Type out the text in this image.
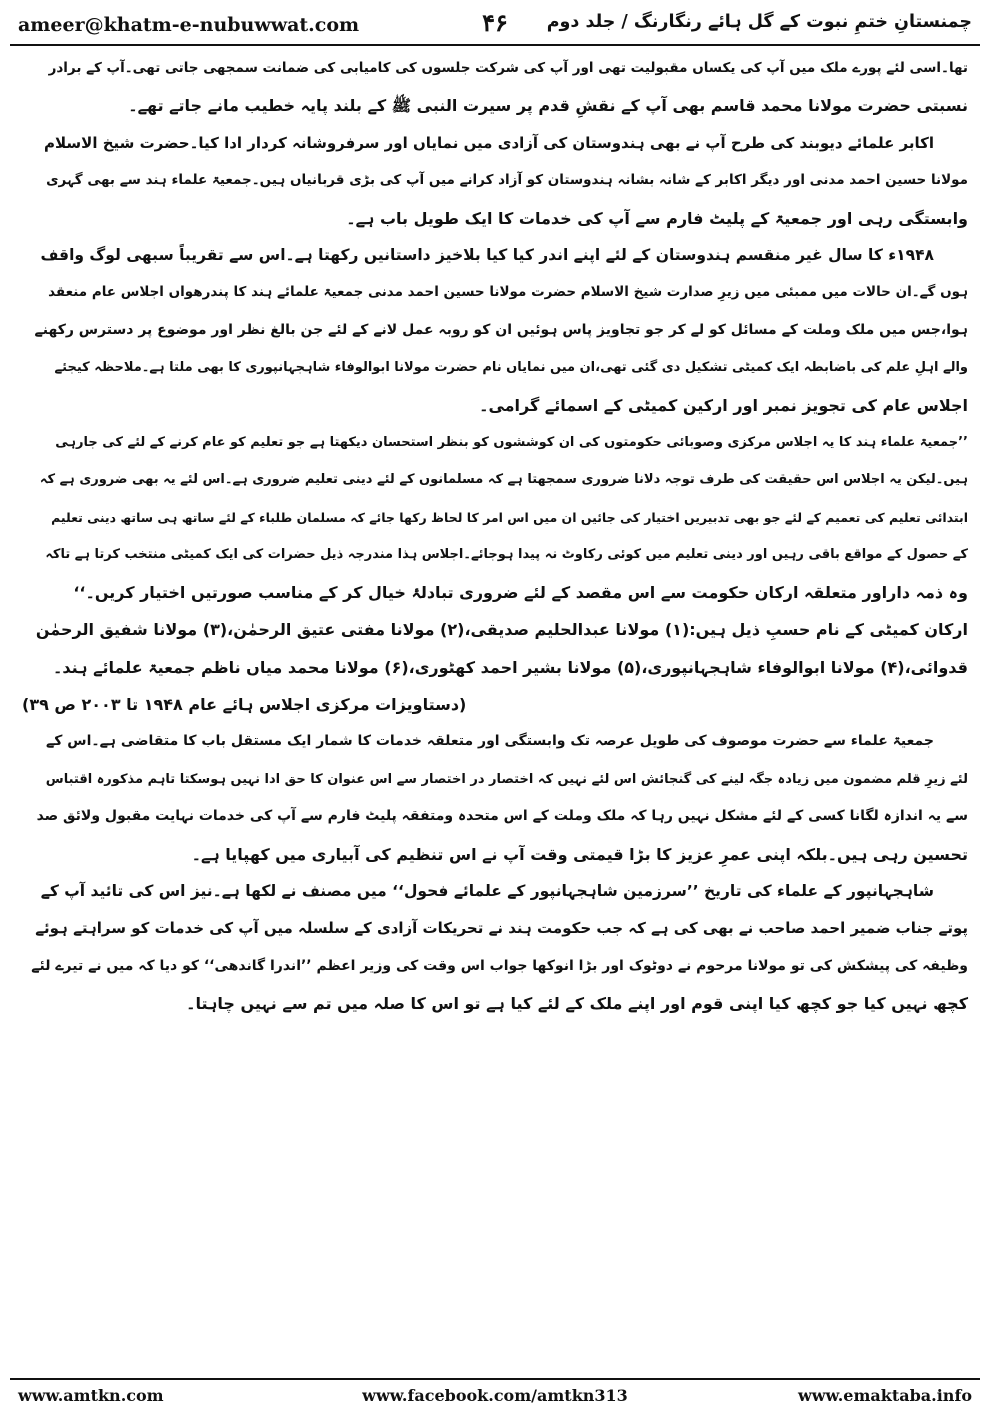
ameer@khatm-e-nubuwwat.com	۴۶	چمنستانِ ختمِ نبوت کے گل ہائے رنگارنگ / جلد دوم

تھا۔اسی لئے پورے ملک میں آپ کی یکساں مقبولیت تھی اور آپ کی شرکت جلسوں کی کامیابی کی ضمانت سمجھی جاتی تھی۔آپ کے برادر

نسبتی حضرت مولانا محمد قاسم بھی آپ کے نقشِ قدم پر سیرت النبی ﷺ کے بلند پایہ خطیب مانے جاتے تھے۔

اکابر علمائے دیوبند کی طرح آپ نے بھی ہندوستان کی آزادی میں نمایاں اور سرفروشانہ کردار ادا کیا۔حضرت شیخ الاسلام

مولانا حسین احمد مدنی اور دیگر اکابر کے شانہ بشانہ ہندوستان کو آزاد کرانے میں آپ کی بڑی قربانیاں ہیں۔جمعیۃ علماء ہند سے بھی گہری

وابستگی رہی اور جمعیۃ کے پلیٹ فارم سے آپ کی خدمات کا ایک طویل باب ہے۔

۱۹۴۸ء کا سال غیر منقسم ہندوستان کے لئے اپنے اندر کیا کیا بلاخیز داستانیں رکھتا ہے۔اس سے تقریباً سبھی لوگ واقف

ہوں گے۔ان حالات میں ممبئی میں زیرِ صدارت شیخ الاسلام حضرت مولانا حسین احمد مدنی جمعیۃ علمائے ہند کا پندرھواں اجلاس عام منعقد

ہوا،جس میں ملک وملت کے مسائل کو لے کر جو تجاویز پاس ہوئیں ان کو روبہ عمل لانے کے لئے جن بالغ نظر اور موضوع پر دسترس رکھنے

والے اہلِ علم کی باضابطہ ایک کمیٹی تشکیل دی گئی تھی،ان میں نمایاں نام حضرت مولانا ابوالوفاء شاہجہانپوری کا بھی ملتا ہے۔ملاحظہ کیجئے

اجلاس عام کی تجویز نمبر اور ارکین کمیٹی کے اسمائے گرامی۔

’’جمعیۃ علماء ہند کا یہ اجلاس مرکزی وصوبائی حکومتوں کی ان کوششوں کو بنظر استحسان دیکھتا ہے جو تعلیم کو عام کرنے کے لئے کی جارہی

ہیں۔لیکن یہ اجلاس اس حقیقت کی طرف توجہ دلانا ضروری سمجھتا ہے کہ مسلمانوں کے لئے دینی تعلیم ضروری ہے۔اس لئے یہ بھی ضروری ہے کہ

ابتدائی تعلیم کی تعمیم کے لئے جو بھی تدبیریں اختیار کی جائیں ان میں اس امر کا لحاظ رکھا جائے کہ مسلمان طلباء کے لئے ساتھ ہی ساتھ دینی تعلیم

کے حصول کے مواقع باقی رہیں اور دینی تعلیم میں کوئی رکاوٹ نہ پیدا ہوجائے۔اجلاس ہذا مندرجہ ذیل حضرات کی ایک کمیٹی منتخب کرتا ہے تاکہ

وہ ذمہ داراور متعلقہ ارکان حکومت سے اس مقصد کے لئے ضروری تبادلۂ خیال کر کے مناسب صورتیں اختیار کریں۔‘‘

ارکان کمیٹی کے نام حسبِ ذیل ہیں:(۱) مولانا عبدالحلیم صدیقی،(۲) مولانا مفتی عتیق الرحمٰن،(۳) مولانا شفیق الرحمٰن

قدوائی،(۴) مولانا ابوالوفاء شاہجہانپوری،(۵) مولانا بشیر احمد کھٹوری،(۶) مولانا محمد میاں ناظم جمعیۃ علمائے ہند۔

(دستاویزات مرکزی اجلاس ہائے عام ۱۹۴۸ تا ۲۰۰۳ ص ۳۹)

جمعیۃ علماء سے حضرت موصوف کی طویل عرصہ تک وابستگی اور متعلقہ خدمات کا شمار ایک مستقل باب کا متقاضی ہے۔اس کے

لئے زیرِ قلم مضمون میں زیادہ جگہ لینے کی گنجائش اس لئے نہیں کہ اختصار در اختصار سے اس عنوان کا حق ادا نہیں ہوسکتا تاہم مذکورہ اقتباس

سے یہ اندازہ لگانا کسی کے لئے مشکل نہیں رہا کہ ملک وملت کے اس متحدہ ومتفقہ پلیٹ فارم سے آپ کی خدمات نہایت مقبول ولائق صد

تحسین رہی ہیں۔بلکہ اپنی عمرِ عزیز کا بڑا قیمتی وقت آپ نے اس تنظیم کی آبیاری میں کھپایا ہے۔

شاہجہانپور کے علماء کی تاریخ ’’سرزمین شاہجہانپور کے علمائے فحول‘‘ میں مصنف نے لکھا ہے۔نیز اس کی تائید آپ کے

پوتے جناب ضمیر احمد صاحب نے بھی کی ہے کہ جب حکومت ہند نے تحریکات آزادی کے سلسلہ میں آپ کی خدمات کو سراہتے ہوئے

وظیفہ کی پیشکش کی تو مولانا مرحوم نے دوٹوک اور بڑا انوکھا جواب اس وقت کی وزیر اعظم ’’اندرا گاندھی‘‘ کو دیا کہ میں نے تیرے لئے

کچھ نہیں کیا جو کچھ کیا اپنی قوم اور اپنے ملک کے لئے کیا ہے تو اس کا صلہ میں تم سے نہیں چاہتا۔

www.amtkn.com	www.facebook.com/amtkn313	www.emaktaba.info
